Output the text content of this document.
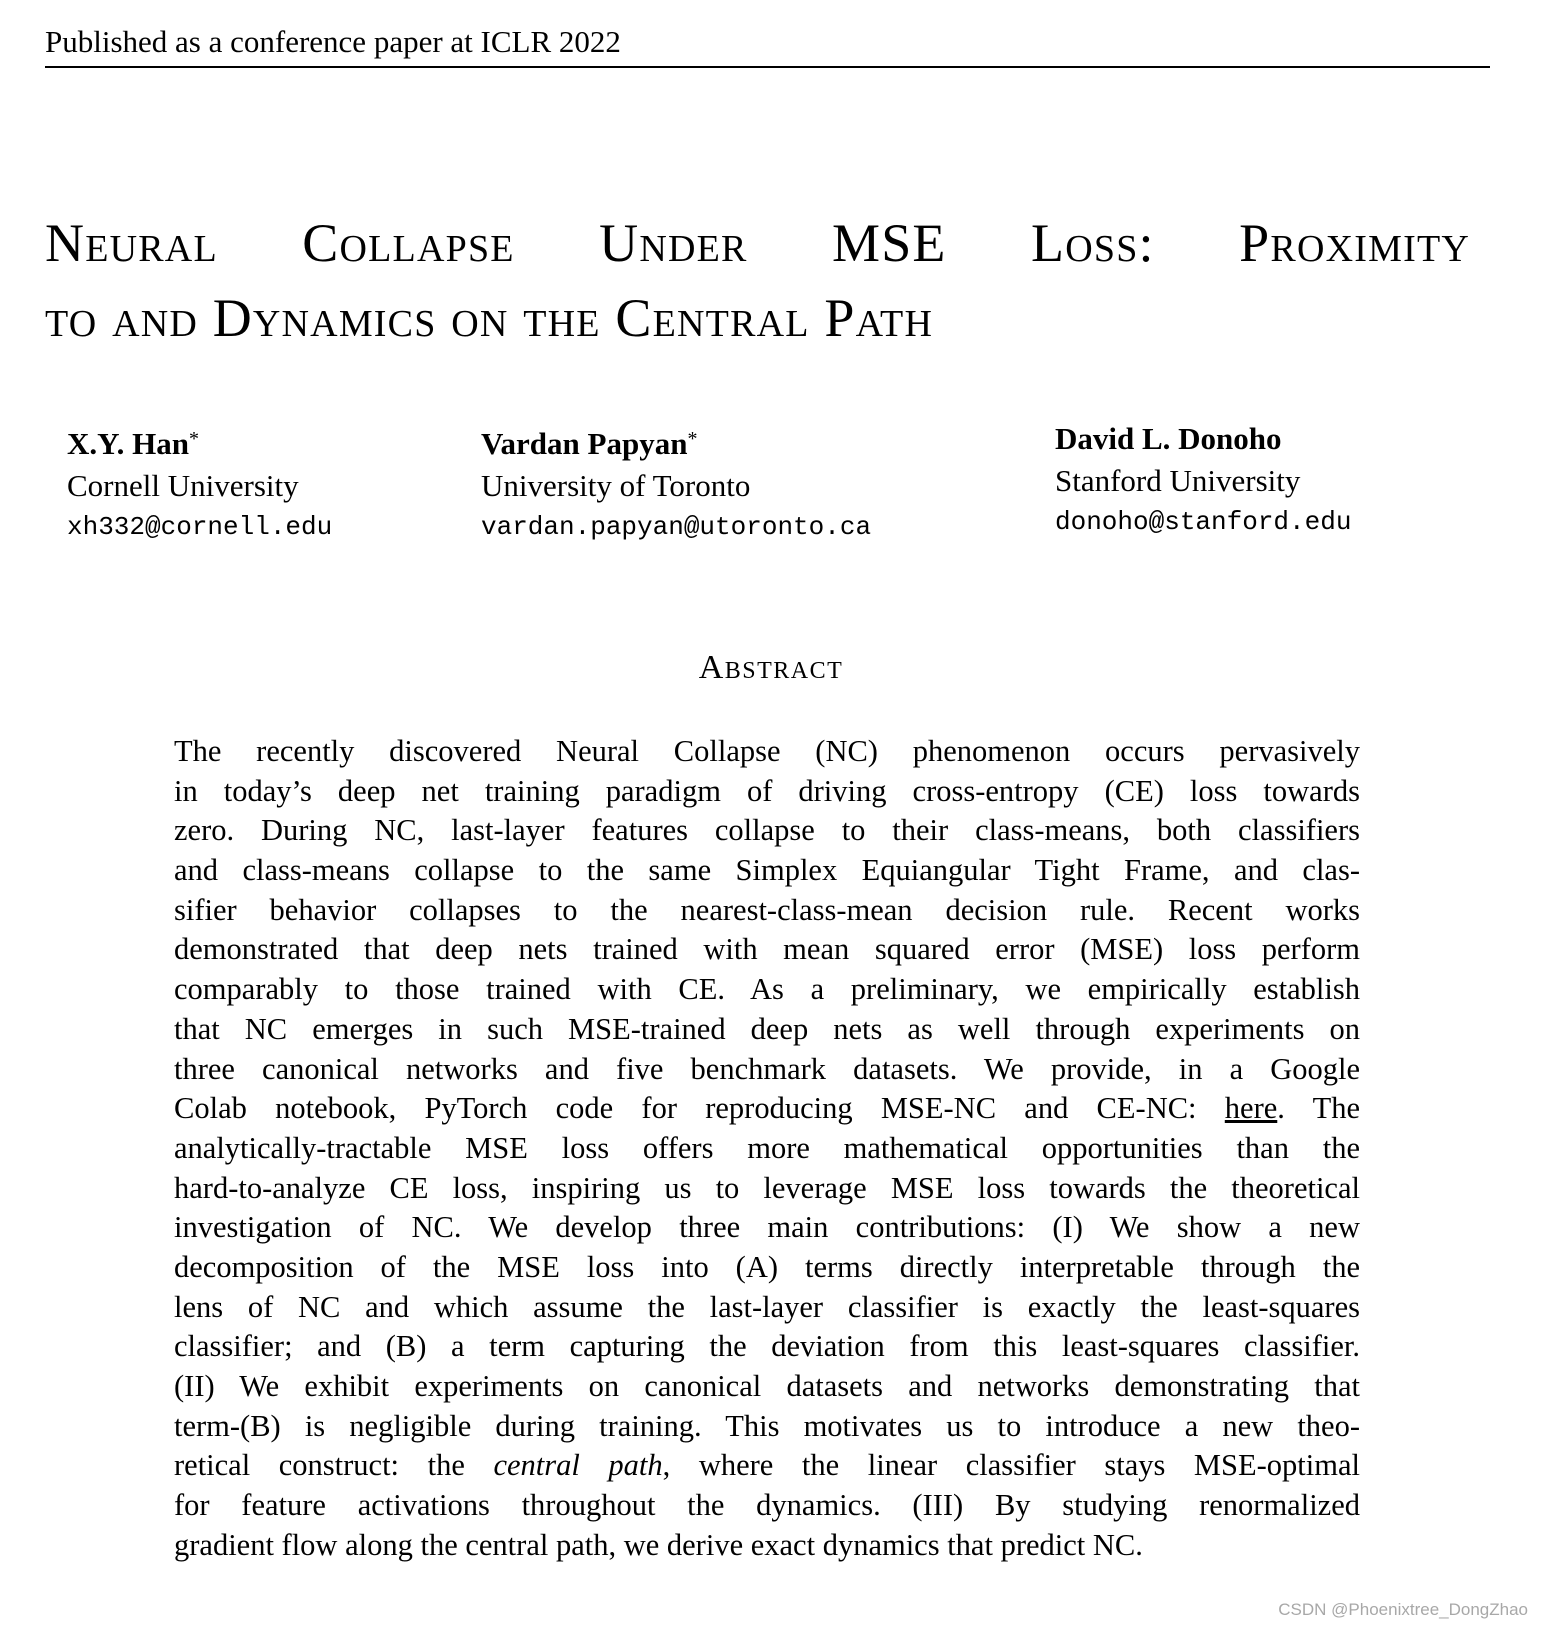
Published as a conference paper at ICLR 2022
Neural Collapse Under MSE Loss: Proximity
to and Dynamics on the Central Path
X.Y. Han*
Cornell University
xh332@cornell.edu
Vardan Papyan*
University of Toronto
vardan.papyan@utoronto.ca
David L. Donoho
Stanford University
donoho@stanford.edu
Abstract
The recently discovered Neural Collapse (NC) phenomenon occurs pervasively
in today’s deep net training paradigm of driving cross-entropy (CE) loss towards
zero. During NC, last-layer features collapse to their class-means, both classifiers
and class-means collapse to the same Simplex Equiangular Tight Frame, and clas-
sifier behavior collapses to the nearest-class-mean decision rule. Recent works
demonstrated that deep nets trained with mean squared error (MSE) loss perform
comparably to those trained with CE. As a preliminary, we empirically establish
that NC emerges in such MSE-trained deep nets as well through experiments on
three canonical networks and five benchmark datasets. We provide, in a Google
Colab notebook, PyTorch code for reproducing MSE-NC and CE-NC: here. The
analytically-tractable MSE loss offers more mathematical opportunities than the
hard-to-analyze CE loss, inspiring us to leverage MSE loss towards the theoretical
investigation of NC. We develop three main contributions: (I) We show a new
decomposition of the MSE loss into (A) terms directly interpretable through the
lens of NC and which assume the last-layer classifier is exactly the least-squares
classifier; and (B) a term capturing the deviation from this least-squares classifier.
(II) We exhibit experiments on canonical datasets and networks demonstrating that
term-(B) is negligible during training. This motivates us to introduce a new theo-
retical construct: the central path, where the linear classifier stays MSE-optimal
for feature activations throughout the dynamics. (III) By studying renormalized
gradient flow along the central path, we derive exact dynamics that predict NC.
CSDN @Phoenixtree_DongZhao
